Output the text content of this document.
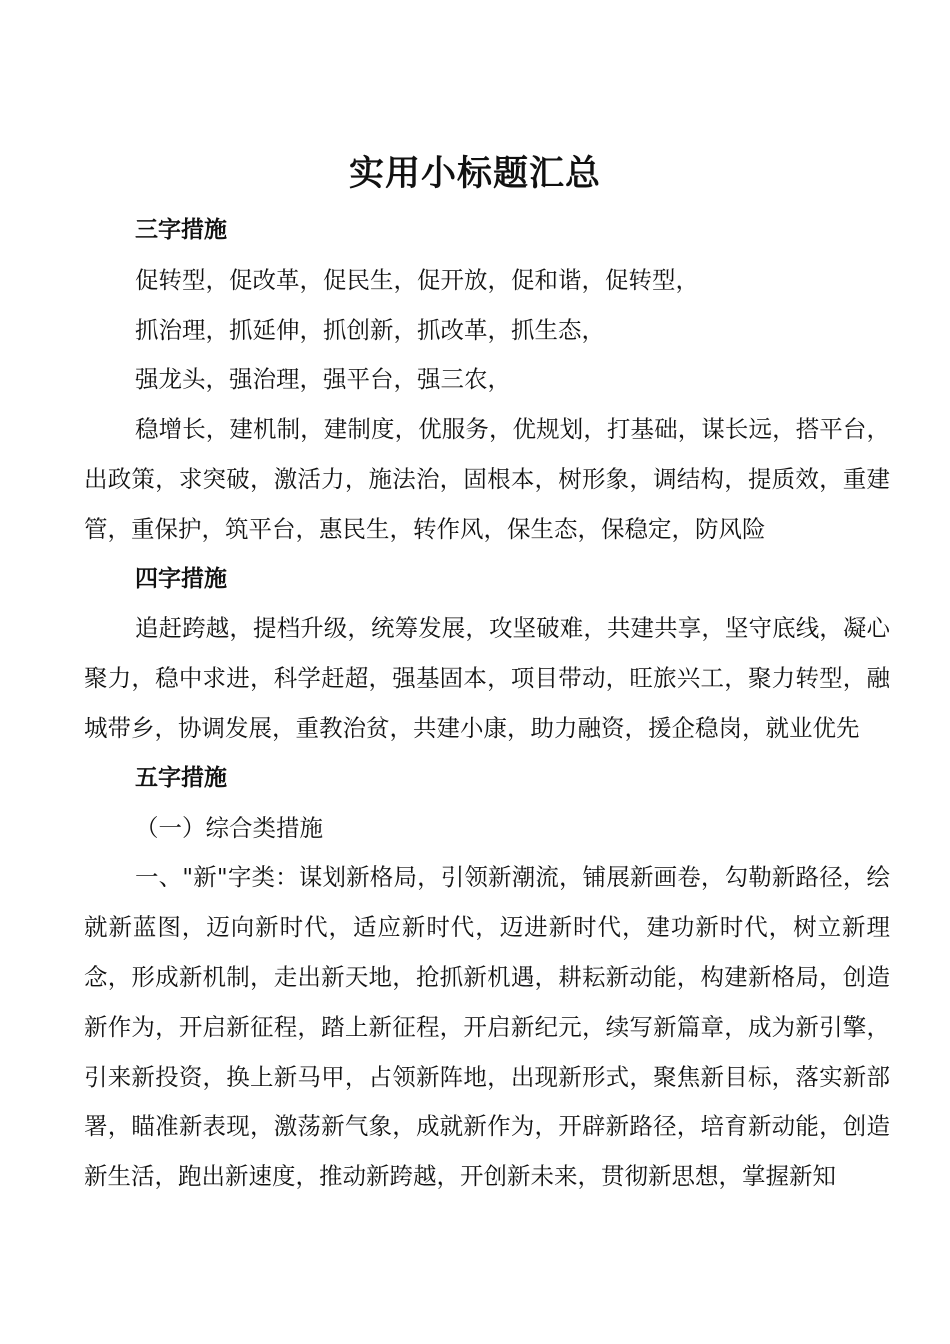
实用小标题汇总
三字措施

促转型，促改革，促民生，促开放，促和谐，促转型，

抓治理，抓延伸，抓创新，抓改革，抓生态，

强龙头，强治理，强平台，强三农，

稳增长，建机制，建制度，优服务，优规划，打基础，谋长远，搭平台，出政策，求突破，激活力，施法治，固根本，树形象，调结构，提质效，重建管，重保护，筑平台，惠民生，转作风，保生态，保稳定，防风险

四字措施

追赶跨越，提档升级，统筹发展，攻坚破难，共建共享，坚守底线，凝心聚力，稳中求进，科学赶超，强基固本，项目带动，旺旅兴工，聚力转型，融城带乡，协调发展，重教治贫，共建小康，助力融资，援企稳岗，就业优先

五字措施

（一）综合类措施

一、"新"字类：谋划新格局，引领新潮流，铺展新画卷，勾勒新路径，绘就新蓝图，迈向新时代，适应新时代，迈进新时代，建功新时代，树立新理念，形成新机制，走出新天地，抢抓新机遇，耕耘新动能，构建新格局，创造新作为，开启新征程，踏上新征程，开启新纪元，续写新篇章，成为新引擎，引来新投资，换上新马甲，占领新阵地，出现新形式，聚焦新目标，落实新部署，瞄准新表现，激荡新气象，成就新作为，开辟新路径，培育新动能，创造新生活，跑出新速度，推动新跨越，开创新未来，贯彻新思想，掌握新知
